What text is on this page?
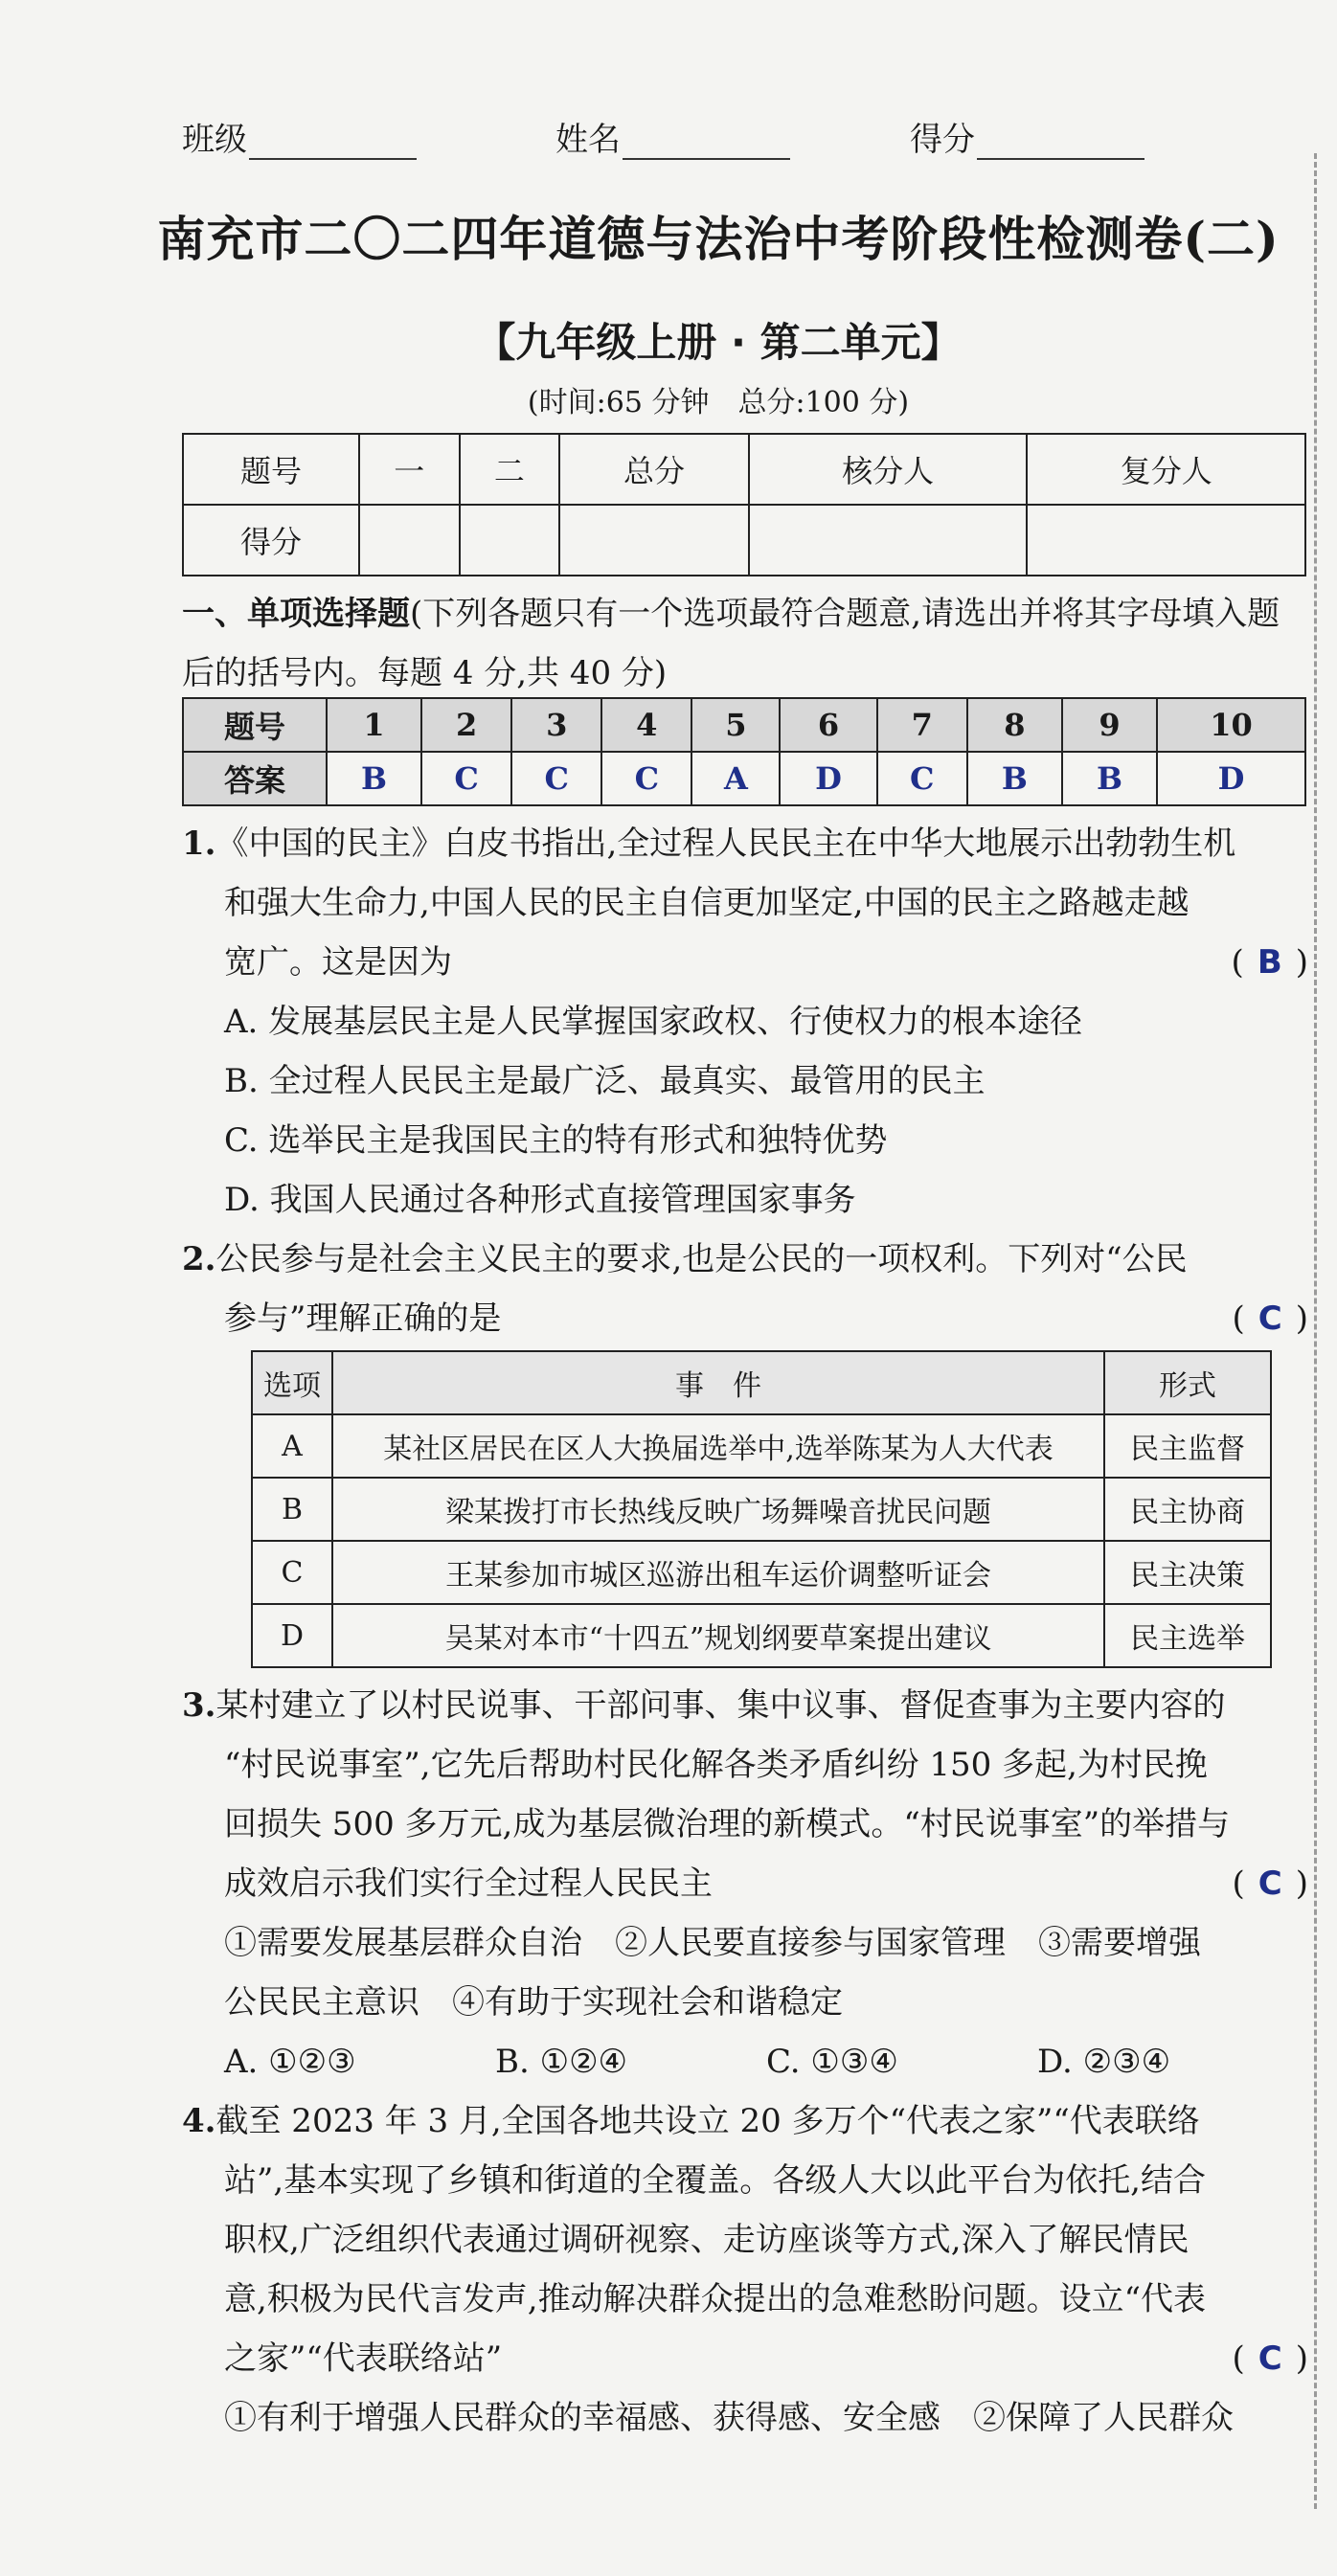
班级	姓名	得分
南充市二〇二四年道德与法治中考阶段性检测卷(二)
【九年级上册 · 第二单元】
(时间:65 分钟　总分:100 分)
题号	一	二	总分	核分人	复分人
得分					
一、单项选择题(下列各题只有一个选项最符合题意,请选出并将其字母填入题后的括号内。每题 4 分,共 40 分)
题号	1	2	3	4	5	6	7	8	9	10
答案	B	C	C	C	A	D	C	B	B	D
1.《中国的民主》白皮书指出,全过程人民民主在中华大地展示出勃勃生机
和强大生命力,中国人民的民主自信更加坚定,中国的民主之路越走越
宽广。这是因为	( B )
A. 发展基层民主是人民掌握国家政权、行使权力的根本途径
B. 全过程人民民主是最广泛、最真实、最管用的民主
C. 选举民主是我国民主的特有形式和独特优势
D. 我国人民通过各种形式直接管理国家事务
2.公民参与是社会主义民主的要求,也是公民的一项权利。下列对“公民
参与”理解正确的是	( C )
选项	事　件	形式
A	某社区居民在区人大换届选举中,选举陈某为人大代表	民主监督
B	梁某拨打市长热线反映广场舞噪音扰民问题	民主协商
C	王某参加市城区巡游出租车运价调整听证会	民主决策
D	吴某对本市“十四五”规划纲要草案提出建议	民主选举
3.某村建立了以村民说事、干部问事、集中议事、督促查事为主要内容的
“村民说事室”,它先后帮助村民化解各类矛盾纠纷 150 多起,为村民挽
回损失 500 多万元,成为基层微治理的新模式。“村民说事室”的举措与
成效启示我们实行全过程人民民主	( C )
①需要发展基层群众自治　②人民要直接参与国家管理　③需要增强
公民民主意识　④有助于实现社会和谐稳定
A. ①②③	B. ①②④	C. ①③④	D. ②③④
4.截至 2023 年 3 月,全国各地共设立 20 多万个“代表之家”“代表联络
站”,基本实现了乡镇和街道的全覆盖。各级人大以此平台为依托,结合
职权,广泛组织代表通过调研视察、走访座谈等方式,深入了解民情民
意,积极为民代言发声,推动解决群众提出的急难愁盼问题。设立“代表
之家”“代表联络站”	( C )
①有利于增强人民群众的幸福感、获得感、安全感　②保障了人民群众
